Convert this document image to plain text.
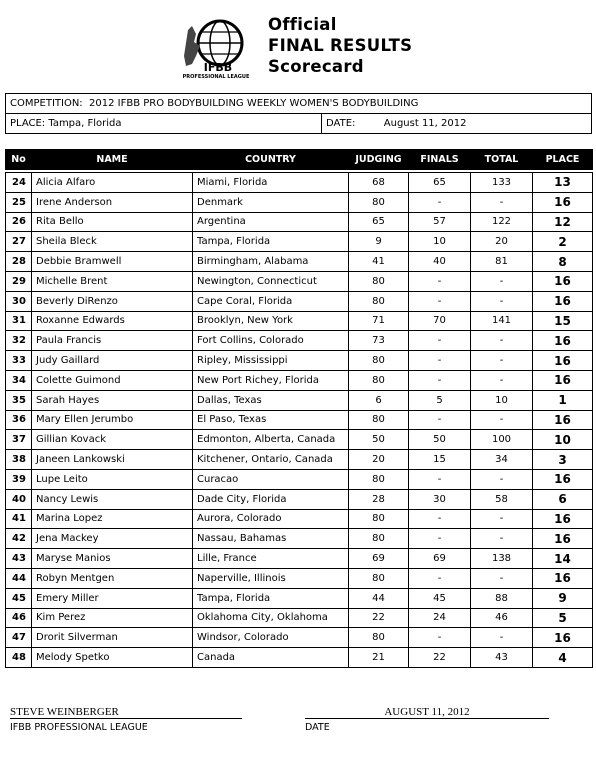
IFBB
PROFESSIONAL LEAGUE
Official
FINAL RESULTS
Scorecard
COMPETITION: 2012 IFBB PRO BODYBUILDING WEEKLY WOMEN'S BODYBUILDING
PLACE: Tampa, Florida	DATE:	August 11, 2012
No	NAME	COUNTRY	JUDGING	FINALS	TOTAL	PLACE

24	Alicia Alfaro	Miami, Florida	68	65	133	13
25	Irene Anderson	Denmark	80	-	-	16
26	Rita Bello	Argentina	65	57	122	12
27	Sheila Bleck	Tampa, Florida	9	10	20	2
28	Debbie Bramwell	Birmingham, Alabama	41	40	81	8
29	Michelle Brent	Newington, Connecticut	80	-	-	16
30	Beverly DiRenzo	Cape Coral, Florida	80	-	-	16
31	Roxanne Edwards	Brooklyn, New York	71	70	141	15
32	Paula Francis	Fort Collins, Colorado	73	-	-	16
33	Judy Gaillard	Ripley, Mississippi	80	-	-	16
34	Colette Guimond	New Port Richey, Florida	80	-	-	16
35	Sarah Hayes	Dallas, Texas	6	5	10	1
36	Mary Ellen Jerumbo	El Paso, Texas	80	-	-	16
37	Gillian Kovack	Edmonton, Alberta, Canada	50	50	100	10
38	Janeen Lankowski	Kitchener, Ontario, Canada	20	15	34	3
39	Lupe Leito	Curacao	80	-	-	16
40	Nancy Lewis	Dade City, Florida	28	30	58	6
41	Marina Lopez	Aurora, Colorado	80	-	-	16
42	Jena Mackey	Nassau, Bahamas	80	-	-	16
43	Maryse Manios	Lille, France	69	69	138	14
44	Robyn Mentgen	Naperville, Illinois	80	-	-	16
45	Emery Miller	Tampa, Florida	44	45	88	9
46	Kim Perez	Oklahoma City, Oklahoma	22	24	46	5
47	Drorit Silverman	Windsor, Colorado	80	-	-	16
48	Melody Spetko	Canada	21	22	43	4
STEVE WEINBERGER
IFBB PROFESSIONAL LEAGUE
AUGUST 11, 2012
DATE
